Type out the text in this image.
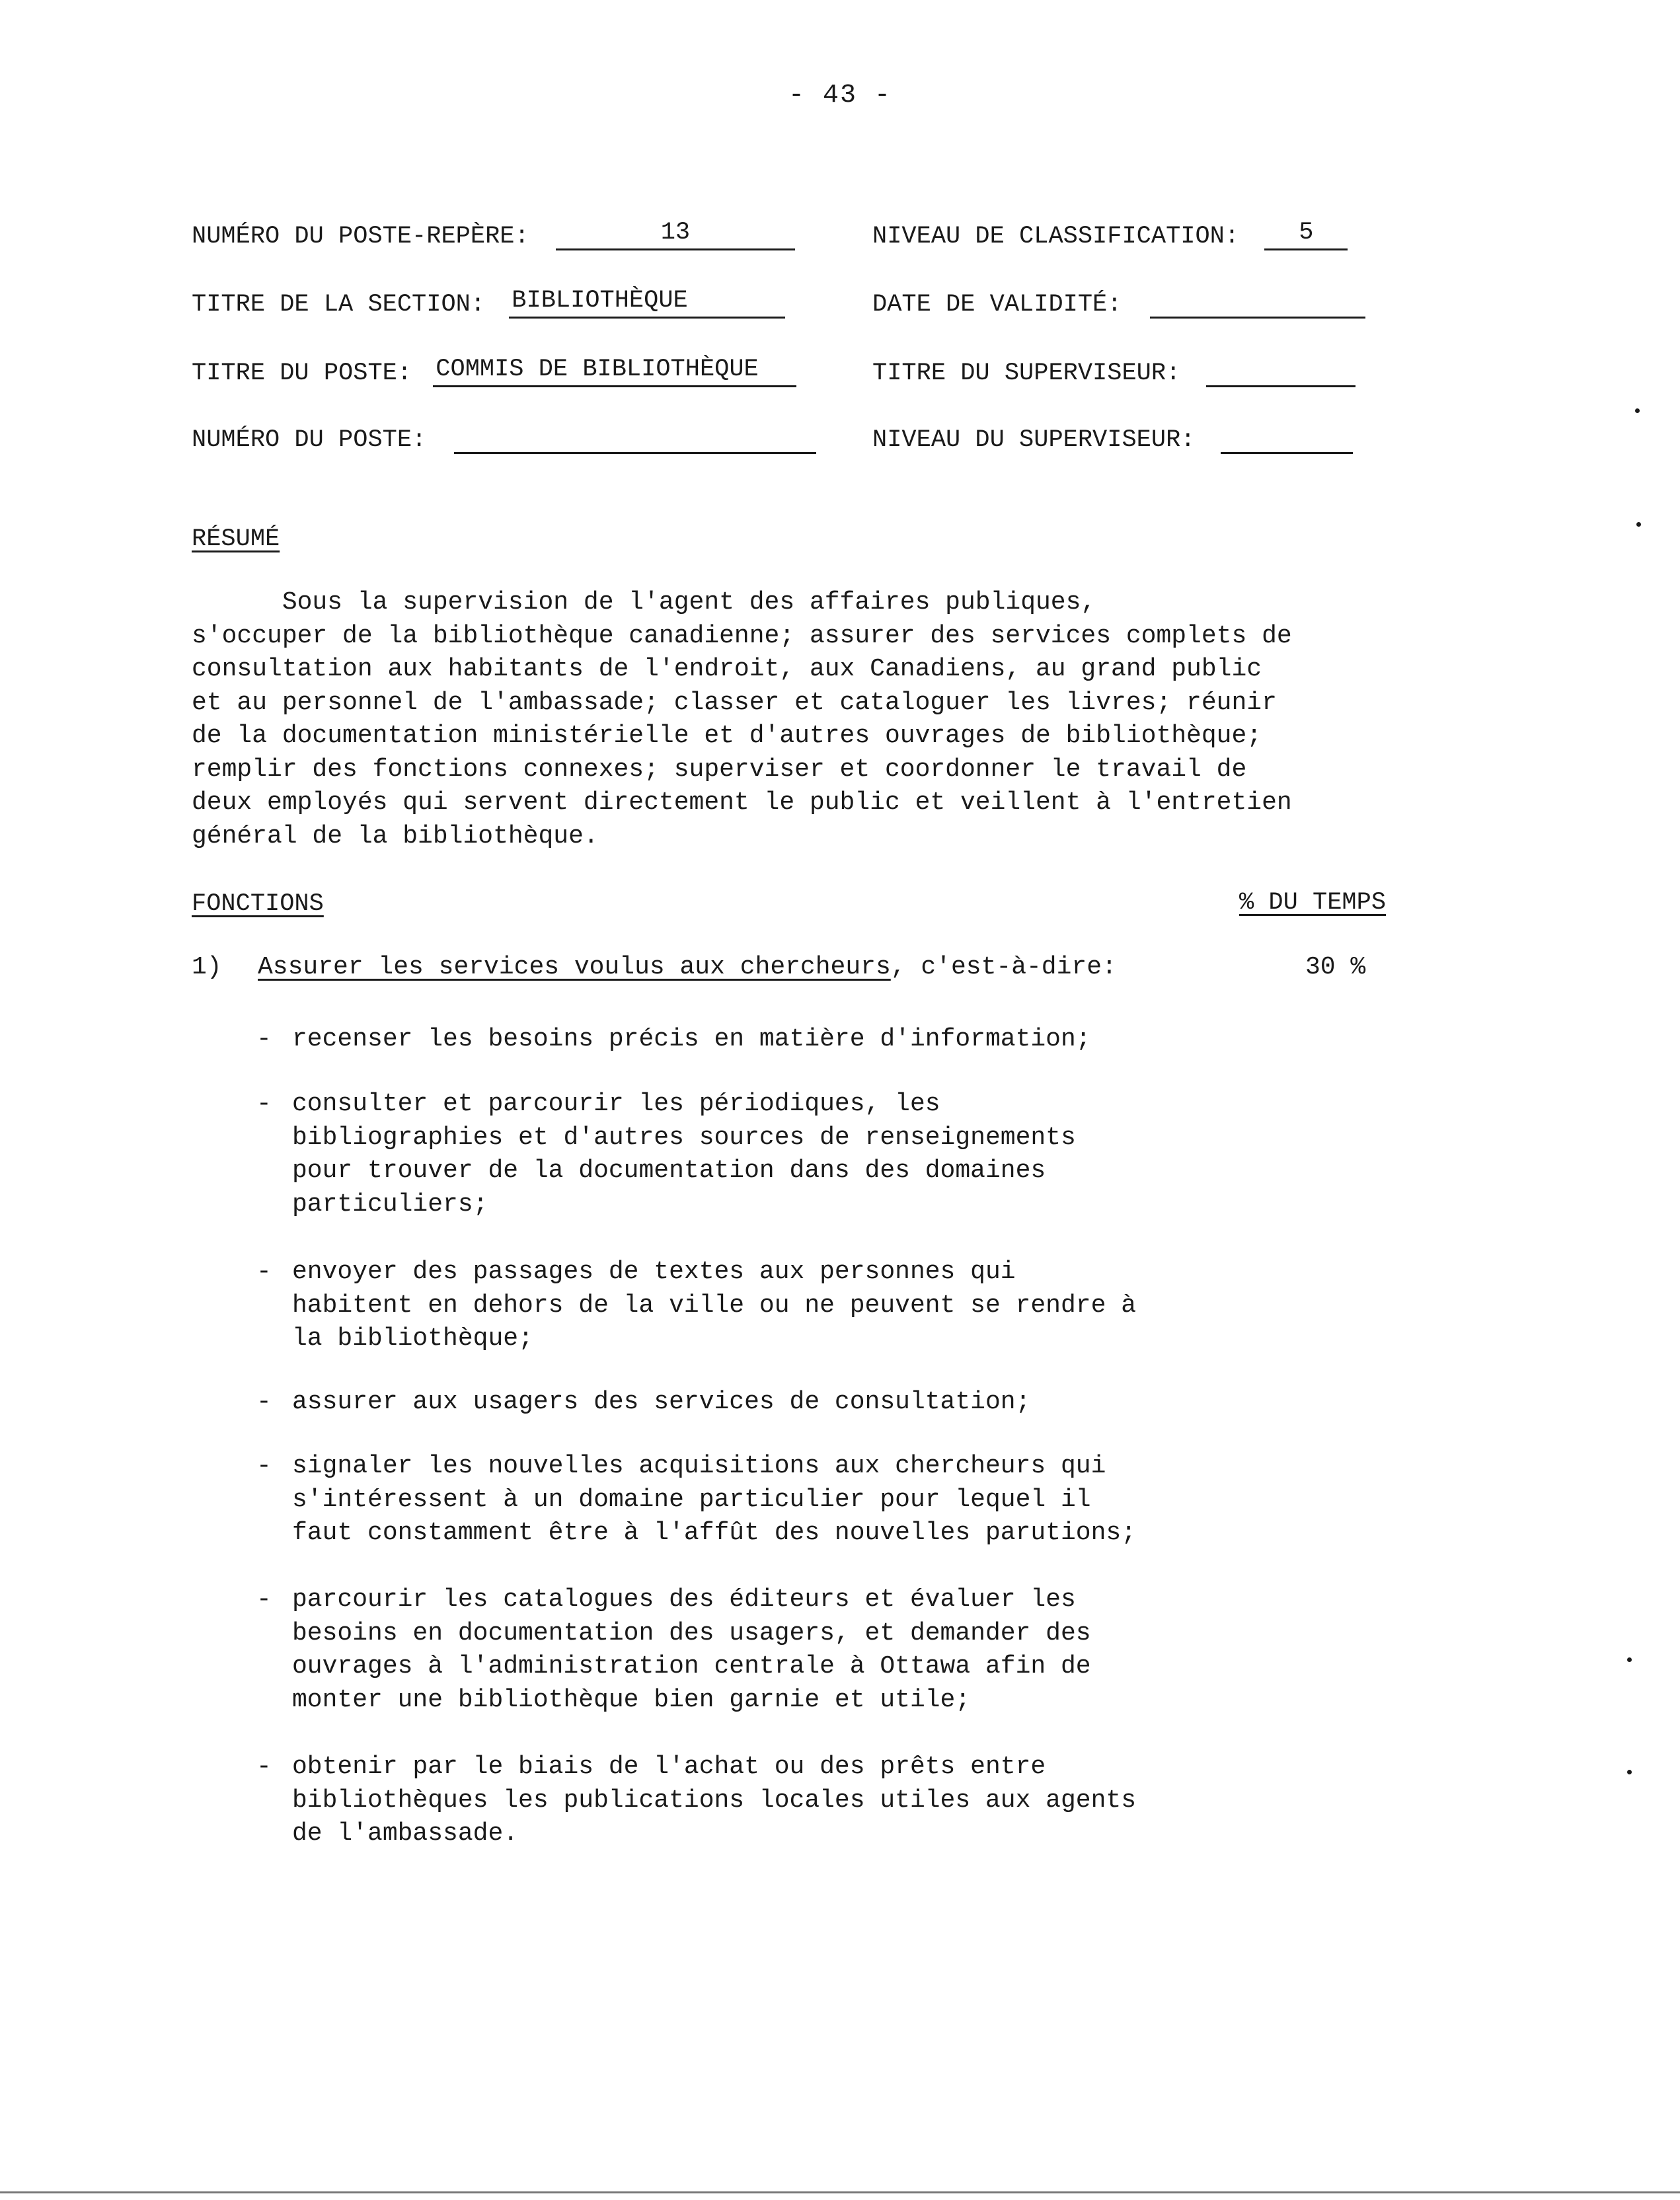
- 43 -
NUMÉRO DU POSTE-REPÈRE:	13	NIVEAU DE CLASSIFICATION: 5
TITRE DE LA SECTION: BIBLIOTHÈQUE	DATE DE VALIDITÉ:
TITRE DU POSTE: COMMIS DE BIBLIOTHÈQUE	TITRE DU SUPERVISEUR:
NUMÉRO DU POSTE:	NIVEAU DU SUPERVISEUR:
RÉSUMÉ
Sous la supervision de l'agent des affaires publiques,
s'occuper de la bibliothèque canadienne; assurer des services complets de
consultation aux habitants de l'endroit, aux Canadiens, au grand public
et au personnel de l'ambassade; classer et cataloguer les livres; réunir
de la documentation ministérielle et d'autres ouvrages de bibliothèque;
remplir des fonctions connexes; superviser et coordonner le travail de
deux employés qui servent directement le public et veillent à l'entretien
général de la bibliothèque.
FONCTIONS	% DU TEMPS
1) Assurer les services voulus aux chercheurs, c'est-à-dire:	30 %

-

recenser les besoins précis en matière d'information;

-

consulter et parcourir les périodiques, les
bibliographies et d'autres sources de renseignements
pour trouver de la documentation dans des domaines
particuliers;

-

envoyer des passages de textes aux personnes qui
habitent en dehors de la ville ou ne peuvent se rendre à
la bibliothèque;

-

assurer aux usagers des services de consultation;

-

signaler les nouvelles acquisitions aux chercheurs qui
s'intéressent à un domaine particulier pour lequel il
faut constamment être à l'affût des nouvelles parutions;

-

parcourir les catalogues des éditeurs et évaluer les
besoins en documentation des usagers, et demander des
ouvrages à l'administration centrale à Ottawa afin de
monter une bibliothèque bien garnie et utile;

-

obtenir par le biais de l'achat ou des prêts entre
bibliothèques les publications locales utiles aux agents
de l'ambassade.
